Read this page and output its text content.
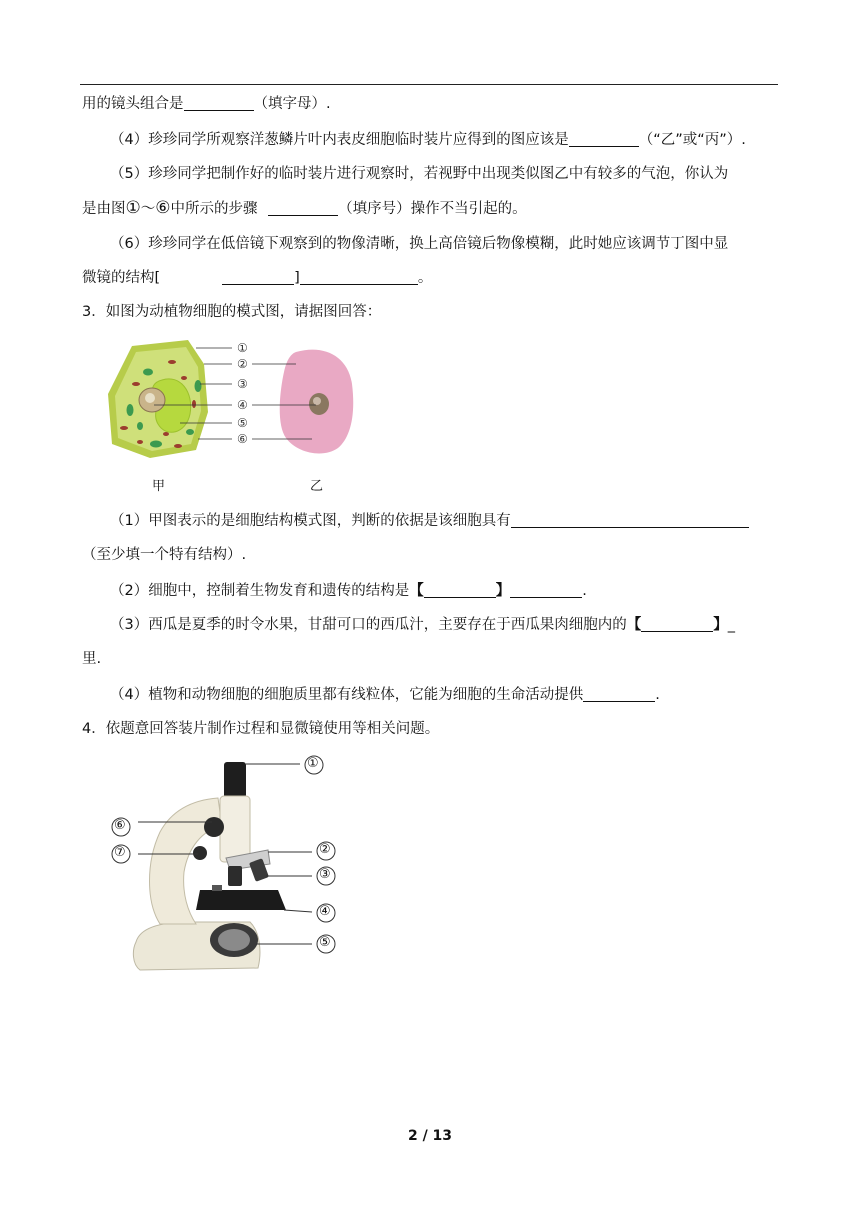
用的镜头组合是	（填字母）.
（4）珍珍同学所观察洋葱鳞片叶内表皮细胞临时装片应得到的图应该是	（“乙”或“丙”）.
（5）珍珍同学把制作好的临时装片进行观察时，若视野中出现类似图乙中有较多的气泡，你认为
是由图①～⑥中所示的步骤	（填序号）操作不当引起的。
（6）珍珍同学在低倍镜下观察到的物像清晰，换上高倍镜后物像模糊，此时她应该调节丁图中显
微镜的结构[	]	。
3．如图为动植物细胞的模式图，请据图回答：
①
②
③
④
⑤
⑥
甲	乙
（1）甲图表示的是细胞结构模式图，判断的依据是该细胞具有
（至少填一个特有结构）.
（2）细胞中，控制着生物发育和遗传的结构是【	】	.
（3）西瓜是夏季的时令水果，甘甜可口的西瓜汁，主要存在于西瓜果肉细胞内的【	】_
里.
（4）植物和动物细胞的细胞质里都有线粒体，它能为细胞的生命活动提供	.
4．依题意回答装片制作过程和显微镜使用等相关问题。
①
②
③
④
⑤
⑥
⑦
2 / 13
